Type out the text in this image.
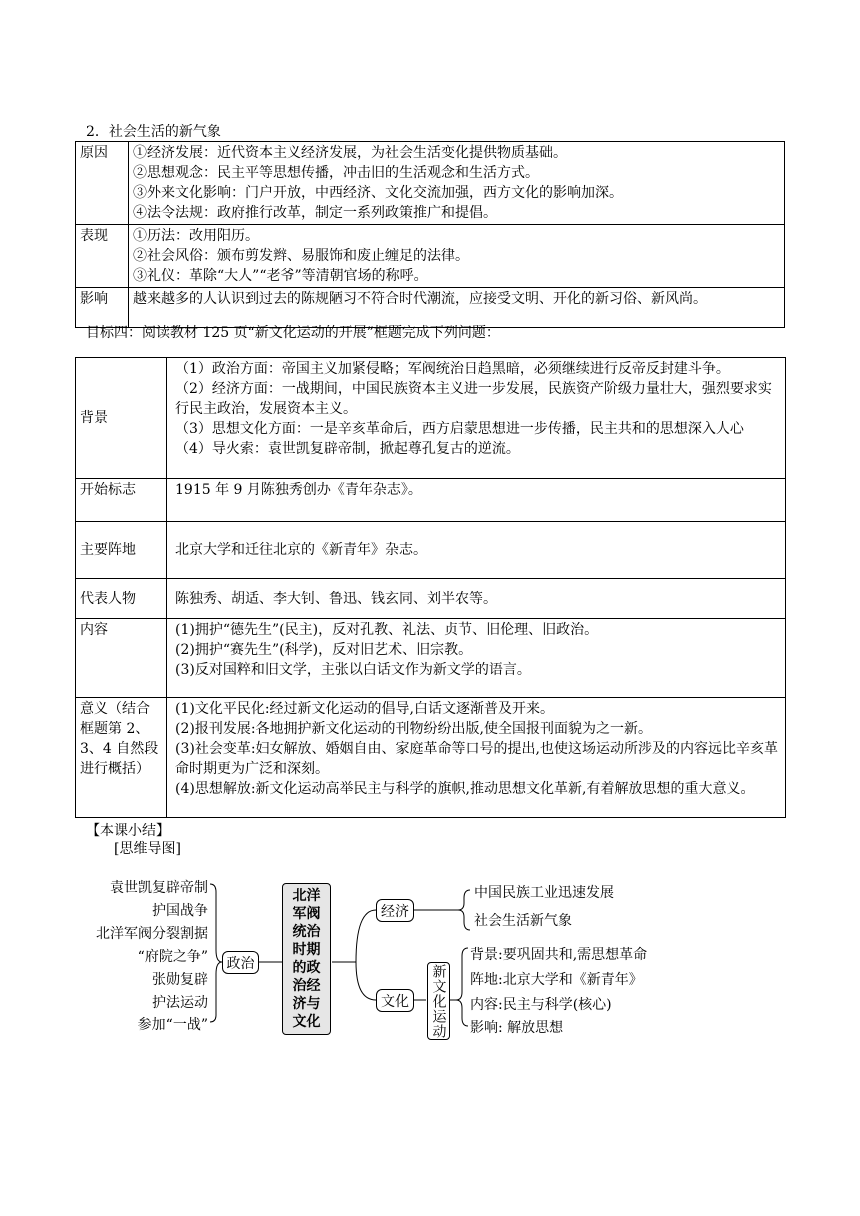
2．社会生活的新气象
原因	①经济发展：近代资本主义经济发展，为社会生活变化提供物质基础。
②思想观念：民主平等思想传播，冲击旧的生活观念和生活方式。
③外来文化影响：门户开放，中西经济、文化交流加强，西方文化的影响加深。
④法令法规：政府推行改革，制定一系列政策推广和提倡。

表现	①历法：改用阳历。
②社会风俗：颁布剪发辫、易服饰和废止缠足的法律。
③礼仪：革除“大人”“老爷”等清朝官场的称呼。

影响	越来越多的人认识到过去的陈规陋习不符合时代潮流，应接受文明、开化的新习俗、新风尚。
目标四：阅读教材 125 页“新文化运动的开展”框题完成下列问题：
背景	（1）政治方面：帝国主义加紧侵略；军阀统治日趋黑暗，必须继续进行反帝反封建斗争。
（2）经济方面：一战期间，中国民族资本主义进一步发展，民族资产阶级力量壮大，强烈要求实行民主政治，发展资本主义。
（3）思想文化方面：一是辛亥革命后，西方启蒙思想进一步传播，民主共和的思想深入人心
（4）导火索：袁世凯复辟帝制，掀起尊孔复古的逆流。

开始标志	1915 年 9 月陈独秀创办《青年杂志》。
主要阵地	北京大学和迁往北京的《新青年》杂志。
代表人物	陈独秀、胡适、李大钊、鲁迅、钱玄同、刘半农等。
内容	(1)拥护“德先生”(民主)，反对孔教、礼法、贞节、旧伦理、旧政治。
(2)拥护“赛先生”(科学)，反对旧艺术、旧宗教。
(3)反对国粹和旧文学，主张以白话文作为新文学的语言。

意义（结合框题第 2、3、4 自然段进行概括）	(1)文化平民化:经过新文化运动的倡导,白话文逐渐普及开来。
(2)报刊发展:各地拥护新文化运动的刊物纷纷出版,使全国报刊面貌为之一新。
(3)社会变革:妇女解放、婚姻自由、家庭革命等口号的提出,也使这场运动所涉及的内容远比辛亥革命时期更为广泛和深刻。
(4)思想解放:新文化运动高举民主与科学的旗帜,推动思想文化革新,有着解放思想的重大意义。
【本课小结】
[思维导图]
袁世凯复辟帝制
护国战争
北洋军阀分裂割据
“府院之争”
张勋复辟
护法运动
参加“一战”
政治
北洋军阀统治时期的政治经济与文化
经济
中国民族工业迅速发展
社会生活新气象
文化	新文化运动
背景:要巩固共和,需思想革命
阵地:北京大学和《新青年》
内容:民主与科学(核心)
影响: 解放思想
